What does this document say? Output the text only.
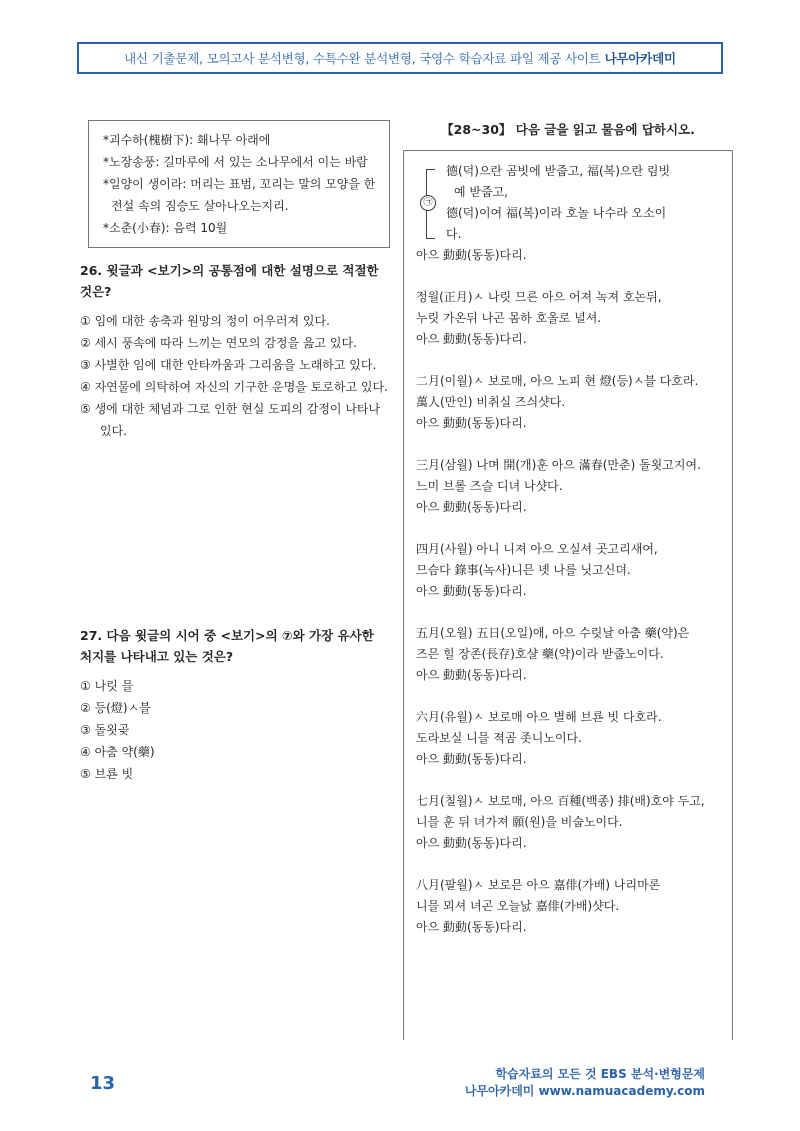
내신 기출문제, 모의고사 분석변형, 수특수완 분석변형, 국영수 학습자료 파일 제공 사이트 나무아카데미
*괴수하(槐樹下): 홰나무 아래에
*노장송풍: 길마루에 서 있는 소나무에서 이는 바람
*일양이 생이라: 머리는 표범, 꼬리는 말의 모양을 한 전설 속의 짐승도 살아나오는지리.
*소춘(小春): 음력 10월

26. 윗글과 <보기>의 공통점에 대한 설명으로 적절한 것은?

① 임에 대한 송축과 원망의 정이 어우러져 있다.
② 세시 풍속에 따라 느끼는 연모의 감정을 읊고 있다.
③ 사별한 임에 대한 안타까움과 그리움을 노래하고 있다.
④ 자연물에 의탁하여 자신의 기구한 운명을 토로하고 있다.
⑤ 생에 대한 체념과 그로 인한 현실 도피의 감정이 나타나 있다.

27. 다음 윗글의 시어 중 <보기>의 ⑦와 가장 유사한 처지를 나타내고 있는 것은?

① 나릿 믈
② 등(燈)ㅅ블
③ 돌욋곶
④ 아춤 약(藥)
⑤ 브룐 빗

【28~30】 다음 글을 읽고 물음에 답하시오.

㉠

德(덕)으란 곰빗에 받줍고, 福(복)으란 림빗

예 받줍고,

德(덕)이여 福(복)이라 호놀 나수라 오소이

다.

아으 動動(동동)다리.

정월(正月)ㅅ 나릿 므른 아으 어져 녹져 호논뒤,

누릿 가온뒤 나곤 몸하 호올로 녈셔.

아으 動動(동동)다리.

二月(이월)ㅅ 보로매, 아으 노피 현 燈(등)ㅅ블 다호라.

萬人(만인) 비취실 즈싀샷다.

아으 動動(동동)다리.

三月(삼월) 나며 開(개)훈 아으 滿春(만춘) 돌욋고지여.

느미 브롤 즈슬 디녀 나샷다.

아으 動動(동동)다리.

四月(사월) 아니 니져 아으 오실셔 곳고리새여,

므슴다 錄事(녹사)니믄 녯 나를 닛고신뎌.

아으 動動(동동)다리.

五月(오월) 五日(오일)애, 아으 수릿날 아춤 藥(약)은

즈믄 힐 장존(長存)호샬 藥(약)이라 받줍노이다.

아으 動動(동동)다리.

六月(유월)ㅅ 보로매 아으 별해 브룐 빗 다호라.

도라보실 니믈 젹곰 좃니노이다.

아으 動動(동동)다리.

七月(칠월)ㅅ 보로매, 아으 百種(백종) 排(배)호야 두고,

니믈 훈 뒤 녀가져 願(원)을 비숩노이다.

아으 動動(동동)다리.

八月(팔월)ㅅ 보로믄 아으 嘉俳(가배) 나리마론

니믈 뫼셔 녀곤 오늘낤 嘉俳(가배)샷다.

아으 動動(동동)다리.

13	학습자료의 모든 것 EBS 분석·변형문제
나무아카데미 www.namuacademy.com
